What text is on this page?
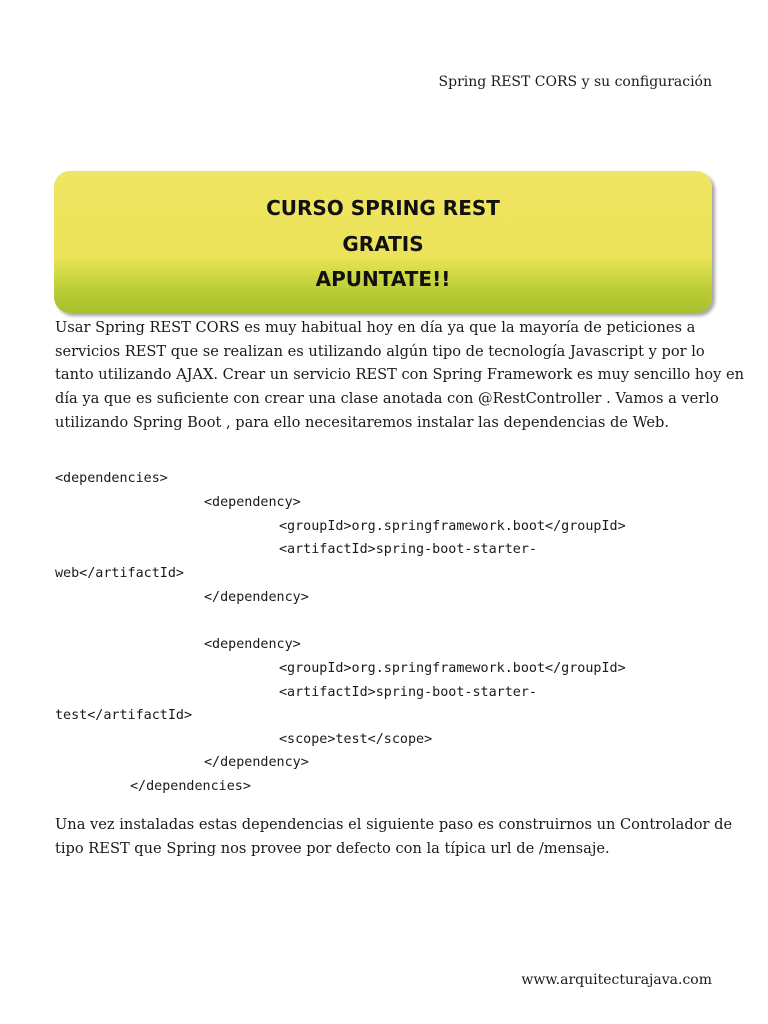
Spring REST CORS y su configuración
CURSO SPRING REST
GRATIS
APUNTATE!!
Usar Spring REST CORS es muy habitual hoy en día ya que la mayoría de peticiones a
servicios REST que se realizan es utilizando algún tipo de tecnología Javascript y por lo
tanto utilizando AJAX. Crear un servicio REST con Spring Framework es muy sencillo hoy en
día ya que es suficiente con crear una clase anotada con @RestController . Vamos a verlo
utilizando Spring Boot , para ello necesitaremos instalar las dependencias de Web.
<dependencies>
<dependency>
<groupId>org.springframework.boot</groupId>
<artifactId>spring-boot-starter-
web</artifactId>
</dependency>
<dependency>
<groupId>org.springframework.boot</groupId>
<artifactId>spring-boot-starter-
test</artifactId>
<scope>test</scope>
</dependency>
</dependencies>
Una vez instaladas estas dependencias el siguiente paso es construirnos un Controlador de
tipo REST que Spring nos provee por defecto con la típica url de /mensaje.
www.arquitecturajava.com
